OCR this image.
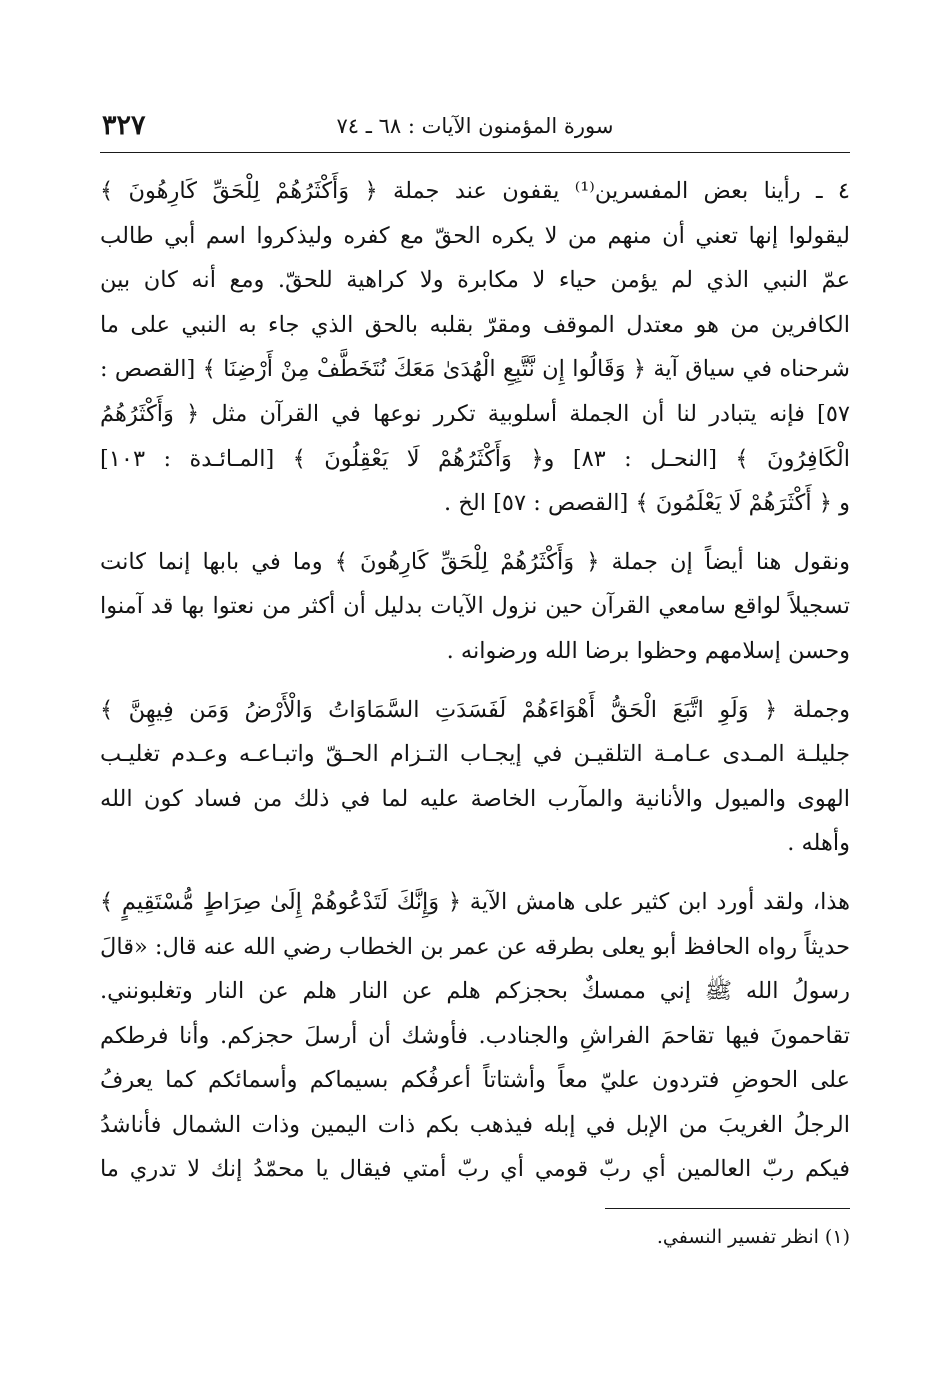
سورة المؤمنون الآيات : ٦٨ ـ ٧٤
٣٢٧

٤ ـ رأينا بعض المفسرين⁽¹⁾ يقفون عند جملة ﴿ وَأَكْثَرُهُمْ لِلْحَقِّ كَارِهُونَ ﴾
ليقولوا إنها تعني أن منهم من لا يكره الحقّ مع كفره وليذكروا اسم أبي طالب
عمّ النبي الذي لم يؤمن حياء لا مكابرة ولا كراهية للحقّ. ومع أنه كان بين
الكافرين من هو معتدل الموقف ومقرّ بقلبه بالحق الذي جاء به النبي على ما
شرحناه في سياق آية ﴿ وَقَالُوا إِن نَّتَّبِعِ الْهُدَىٰ مَعَكَ نُتَخَطَّفْ مِنْ أَرْضِنَا ﴾ [القصص :
٥٧] فإنه يتبادر لنا أن الجملة أسلوبية تكرر نوعها في القرآن مثل ﴿ وَأَكْثَرُهُمُ
الْكَافِرُونَ ﴾ [النحـل : ٨٣] و﴿ وَأَكْثَرُهُمْ لَا يَعْقِلُونَ ﴾ [المـائـدة : ١٠٣]
و ﴿ أَكْثَرَهُمْ لَا يَعْلَمُونَ ﴾ [القصص : ٥٧] الخ .

ونقول هنا أيضاً إن جملة ﴿ وَأَكْثَرُهُمْ لِلْحَقِّ كَارِهُونَ ﴾ وما في بابها إنما كانت
تسجيلاً لواقع سامعي القرآن حين نزول الآيات بدليل أن أكثر من نعتوا بها قد آمنوا
وحسن إسلامهم وحظوا برضا الله ورضوانه .

وجملة ﴿ وَلَوِ اتَّبَعَ الْحَقُّ أَهْوَاءَهُمْ لَفَسَدَتِ السَّمَاوَاتُ وَالْأَرْضُ وَمَن فِيهِنَّ ﴾
جليلـة المـدى عـامـة التلقيـن في إيجـاب التـزام الحـقّ واتبـاعـه وعـدم تغليـب
الهوى والميول والأنانية والمآرب الخاصة عليه لما في ذلك من فساد كون الله
وأهله .

هذا، ولقد أورد ابن كثير على هامش الآية ﴿ وَإِنَّكَ لَتَدْعُوهُمْ إِلَىٰ صِرَاطٍ مُّسْتَقِيمٍ ﴾
حديثاً رواه الحافظ أبو يعلى بطرقه عن عمر بن الخطاب رضي الله عنه قال: «قالَ
رسولُ الله ﷺ إني ممسكٌ بحجزكم هلم عن النار هلم عن النار وتغلبونني.
تقاحمونَ فيها تقاحمَ الفراشِ والجنادب. فأوشك أن أرسلَ حجزكم. وأنا فرطكم
على الحوضِ فتردون عليّ معاً وأشتاتاً أعرفُكم بسيماكم وأسمائكم كما يعرفُ
الرجلُ الغريبَ من الإبل في إبله فيذهب بكم ذات اليمين وذات الشمال فأناشدُ
فيكم ربّ العالمين أي ربّ قومي أي ربّ أمتي فيقال يا محمّدُ إنك لا تدري ما

(١) انظر تفسير النسفي.
